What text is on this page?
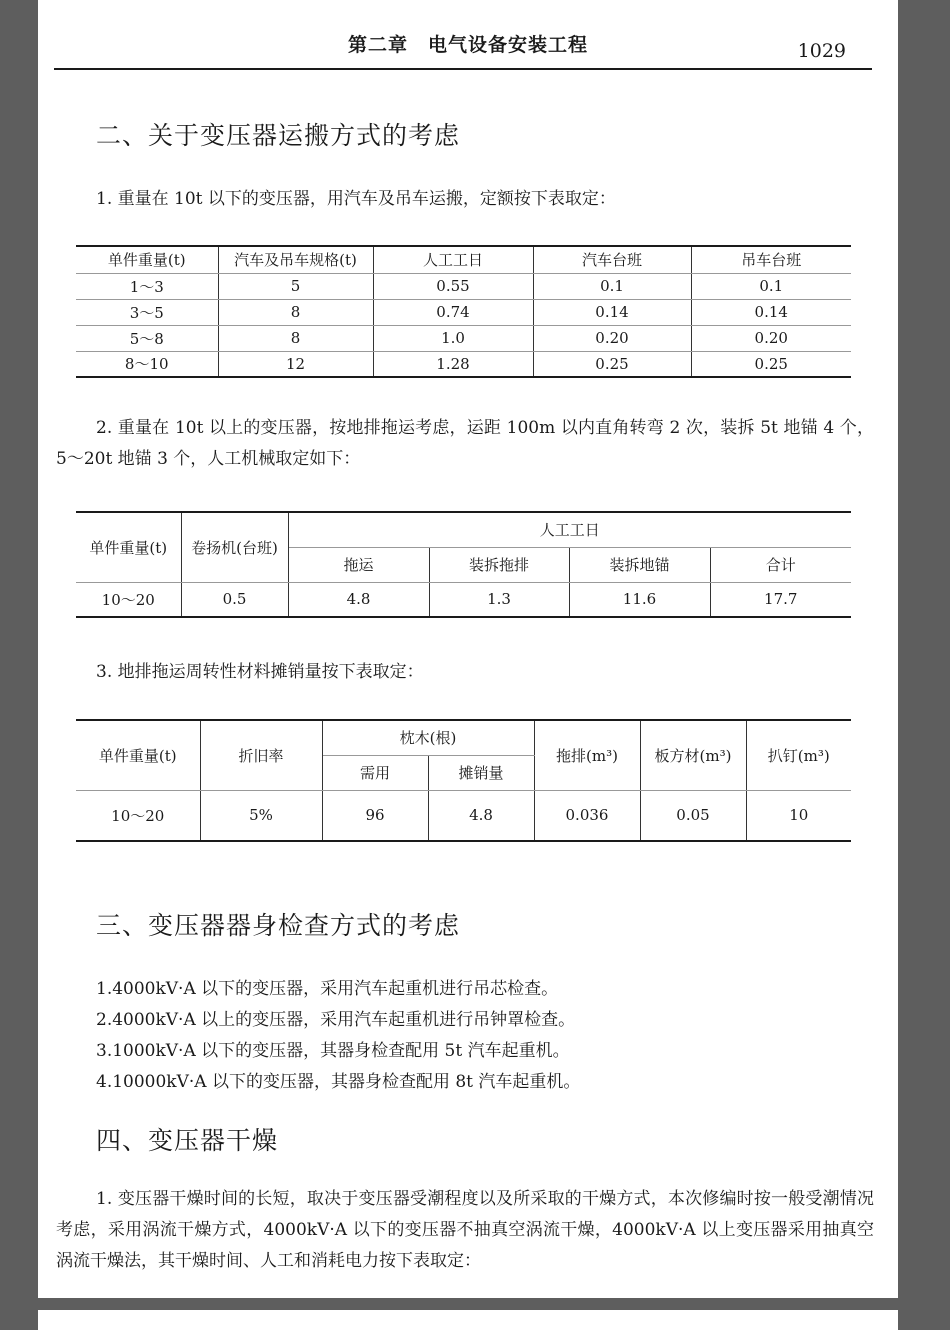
第二章　电气设备安装工程	1029
二、关于变压器运搬方式的考虑
1. 重量在 10t 以下的变压器，用汽车及吊车运搬，定额按下表取定：
单件重量(t)	汽车及吊车规格(t)	人工工日	汽车台班	吊车台班
1～3	5	0.55	0.1	0.1
3～5	8	0.74	0.14	0.14
5～8	8	1.0	0.20	0.20
8～10	12	1.28	0.25	0.25
2. 重量在 10t 以上的变压器，按地排拖运考虑，运距 100m 以内直角转弯 2 次，装拆 5t 地锚 4 个，5～20t 地锚 3 个，人工机械取定如下：
单件重量(t)	卷扬机(台班)	人工工日			
		拖运	装拆拖排	装拆地锚	合计
10～20	0.5	4.8	1.3	11.6	17.7
3. 地排拖运周转性材料摊销量按下表取定：
单件重量(t)	折旧率	枕木(根)		拖排(m³)	板方材(m³)	扒钉(m³)
		需用	摊销量			
10～20	5%	96	4.8	0.036	0.05	10
三、变压器器身检查方式的考虑
1.4000kV·A 以下的变压器，采用汽车起重机进行吊芯检查。
2.4000kV·A 以上的变压器，采用汽车起重机进行吊钟罩检查。
3.1000kV·A 以下的变压器，其器身检查配用 5t 汽车起重机。
4.10000kV·A 以下的变压器，其器身检查配用 8t 汽车起重机。
四、变压器干燥
1. 变压器干燥时间的长短，取决于变压器受潮程度以及所采取的干燥方式，本次修编时按一般受潮情况考虑，采用涡流干燥方式，4000kV·A 以下的变压器不抽真空涡流干燥，4000kV·A 以上变压器采用抽真空涡流干燥法，其干燥时间、人工和消耗电力按下表取定：
